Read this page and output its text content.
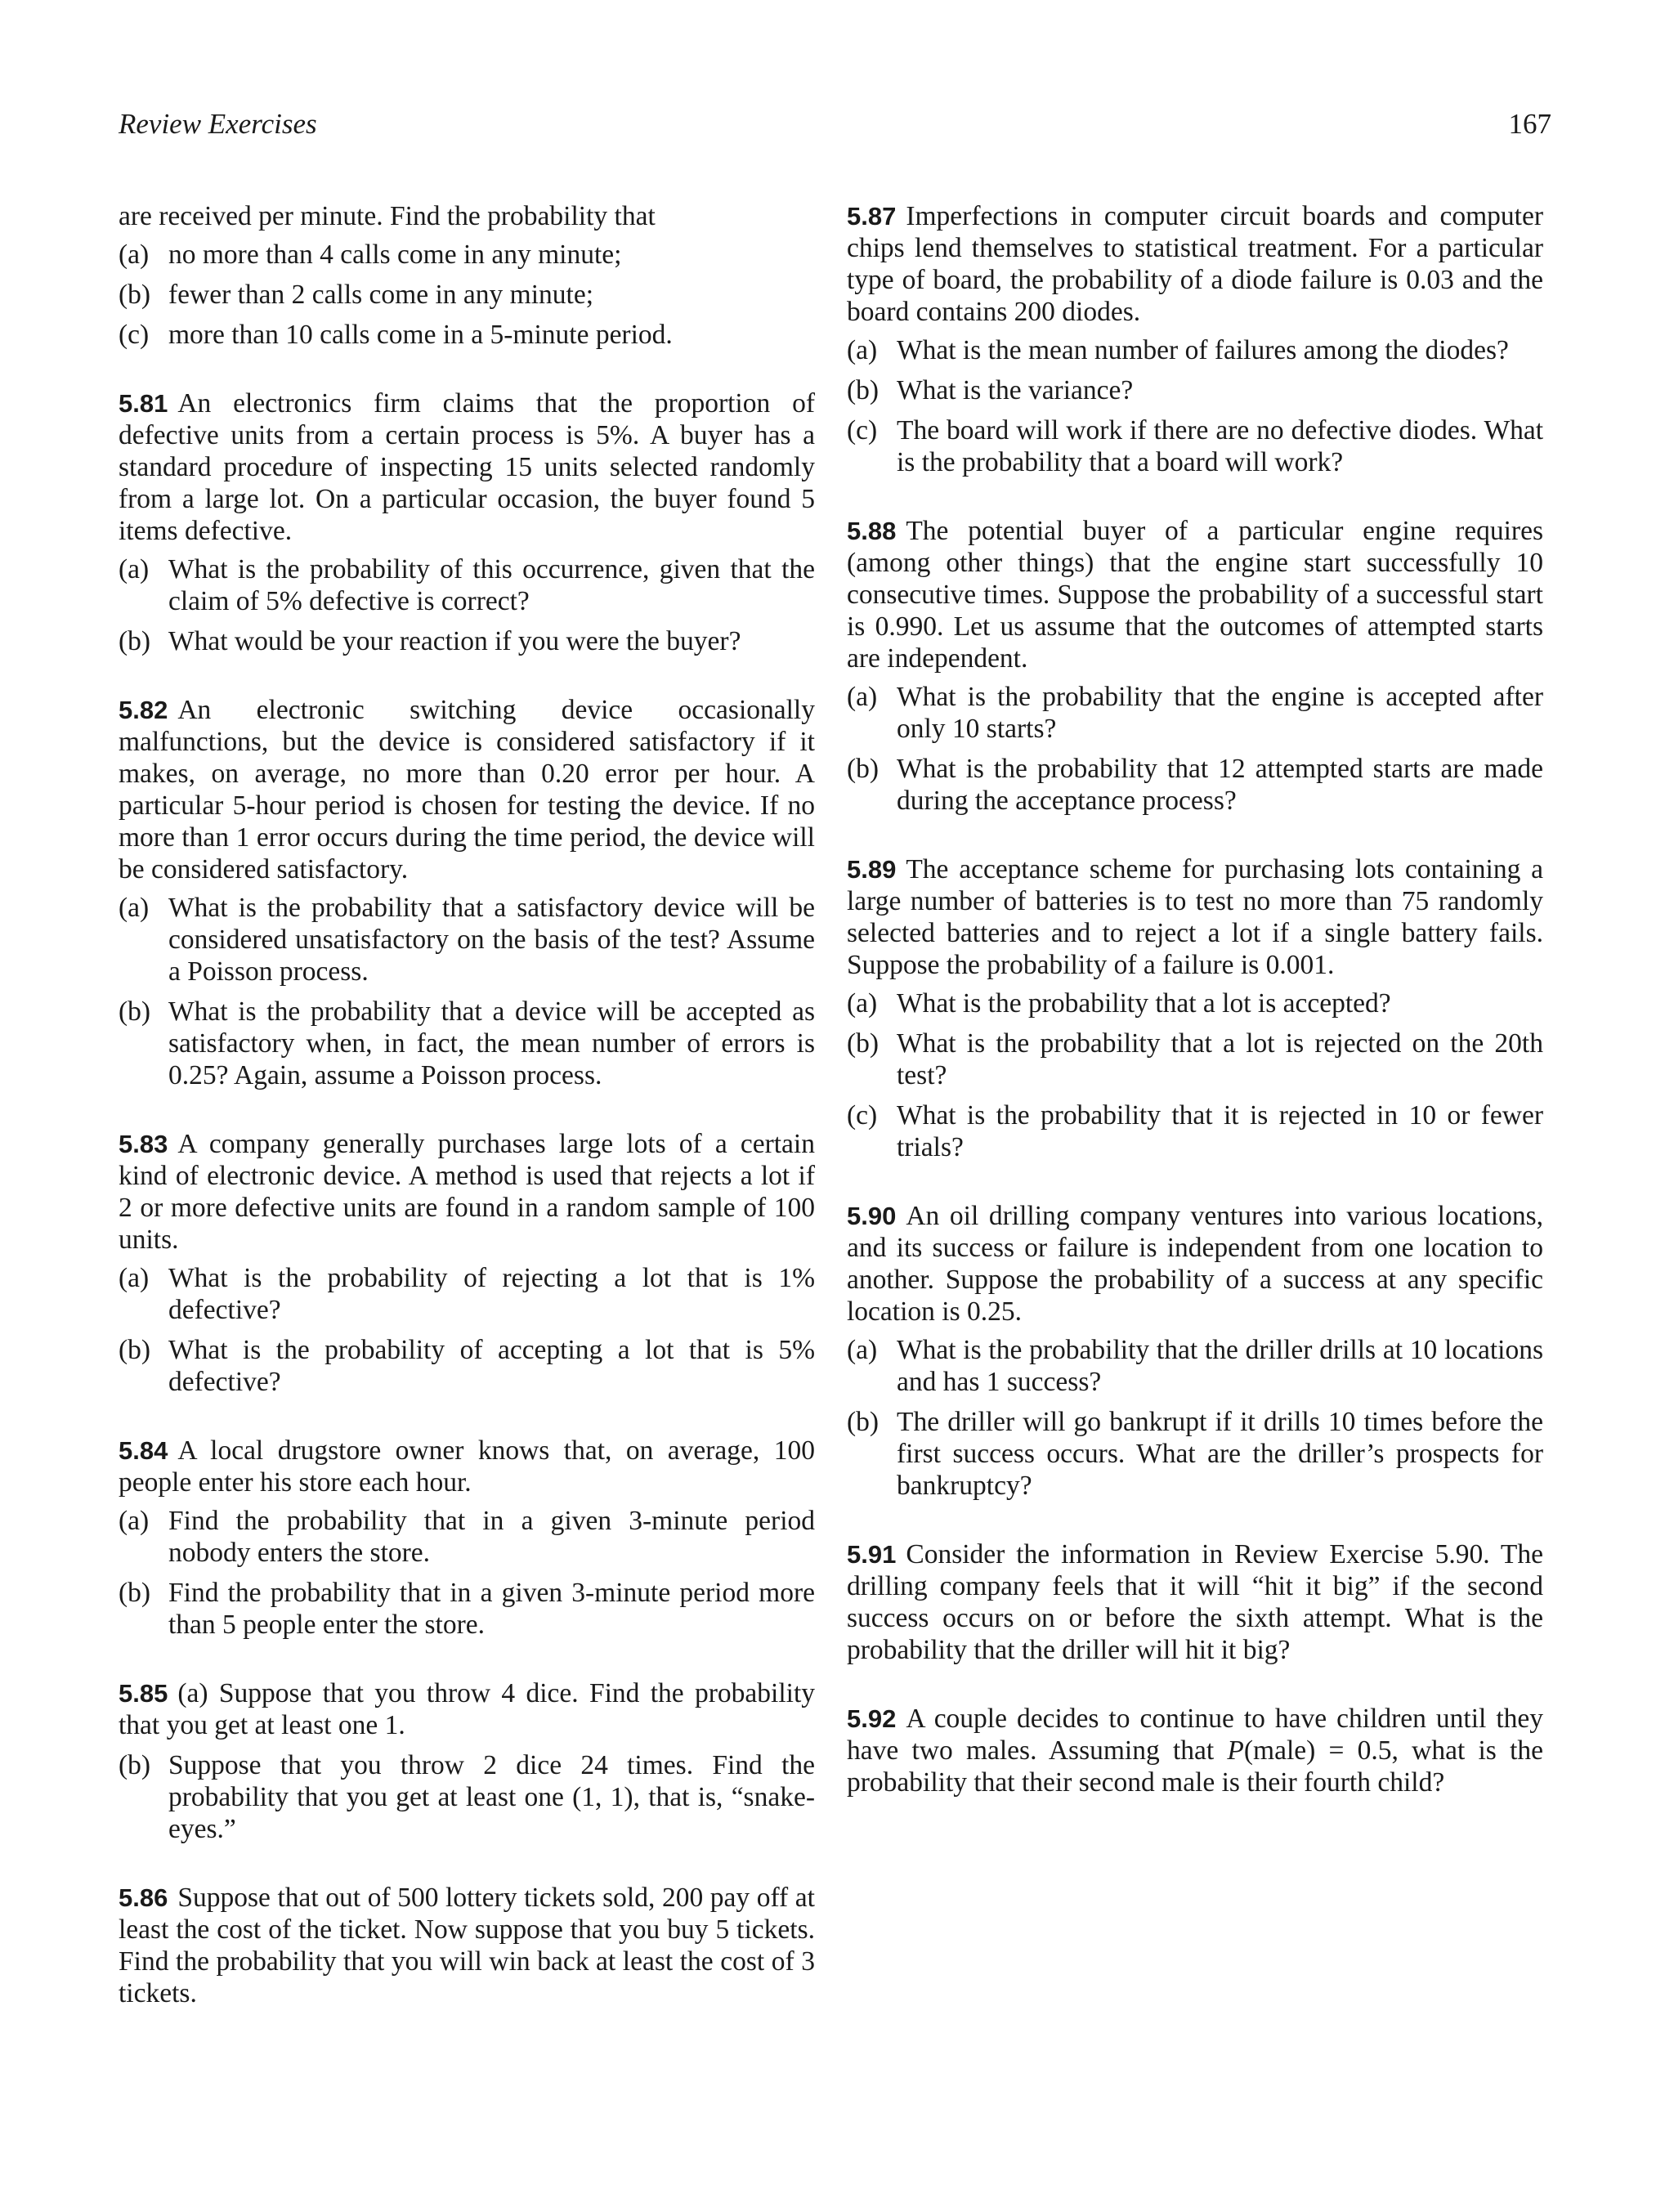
Review Exercises	167

are received per minute. Find the probability that

(a) no more than 4 calls come in any minute;
(b) fewer than 2 calls come in any minute;
(c) more than 10 calls come in a 5-minute period.

5.81 An electronics firm claims that the proportion of defective units from a certain process is 5%. A buyer has a standard procedure of inspecting 15 units selected randomly from a large lot. On a particular occasion, the buyer found 5 items defective.

(a) What is the probability of this occurrence, given that the claim of 5% defective is correct?
(b) What would be your reaction if you were the buyer?

5.82 An electronic switching device occasionally malfunctions, but the device is considered satisfactory if it makes, on average, no more than 0.20 error per hour. A particular 5-hour period is chosen for testing the device. If no more than 1 error occurs during the time period, the device will be considered satisfactory.

(a) What is the probability that a satisfactory device will be considered unsatisfactory on the basis of the test? Assume a Poisson process.
(b) What is the probability that a device will be accepted as satisfactory when, in fact, the mean number of errors is 0.25? Again, assume a Poisson process.

5.83 A company generally purchases large lots of a certain kind of electronic device. A method is used that rejects a lot if 2 or more defective units are found in a random sample of 100 units.

(a) What is the probability of rejecting a lot that is 1% defective?
(b) What is the probability of accepting a lot that is 5% defective?

5.84 A local drugstore owner knows that, on average, 100 people enter his store each hour.

(a) Find the probability that in a given 3-minute period nobody enters the store.
(b) Find the probability that in a given 3-minute period more than 5 people enter the store.
5.85 (a) Suppose that you throw 4 dice. Find the probability that you get at least one 1.
(b) Suppose that you throw 2 dice 24 times. Find the probability that you get at least one (1, 1), that is, “snake-eyes.”

5.86 Suppose that out of 500 lottery tickets sold, 200 pay off at least the cost of the ticket. Now suppose that you buy 5 tickets. Find the probability that you will win back at least the cost of 3 tickets.

5.87 Imperfections in computer circuit boards and computer chips lend themselves to statistical treatment. For a particular type of board, the probability of a diode failure is 0.03 and the board contains 200 diodes.

(a) What is the mean number of failures among the diodes?
(b) What is the variance?
(c) The board will work if there are no defective diodes. What is the probability that a board will work?

5.88 The potential buyer of a particular engine requires (among other things) that the engine start successfully 10 consecutive times. Suppose the probability of a successful start is 0.990. Let us assume that the outcomes of attempted starts are independent.

(a) What is the probability that the engine is accepted after only 10 starts?
(b) What is the probability that 12 attempted starts are made during the acceptance process?

5.89 The acceptance scheme for purchasing lots containing a large number of batteries is to test no more than 75 randomly selected batteries and to reject a lot if a single battery fails. Suppose the probability of a failure is 0.001.

(a) What is the probability that a lot is accepted?
(b) What is the probability that a lot is rejected on the 20th test?
(c) What is the probability that it is rejected in 10 or fewer trials?

5.90 An oil drilling company ventures into various locations, and its success or failure is independent from one location to another. Suppose the probability of a success at any specific location is 0.25.

(a) What is the probability that the driller drills at 10 locations and has 1 success?
(b) The driller will go bankrupt if it drills 10 times before the first success occurs. What are the driller’s prospects for bankruptcy?

5.91 Consider the information in Review Exercise 5.90. The drilling company feels that it will “hit it big” if the second success occurs on or before the sixth attempt. What is the probability that the driller will hit it big?

5.92 A couple decides to continue to have children until they have two males. Assuming that P(male) = 0.5, what is the probability that their second male is their fourth child?
